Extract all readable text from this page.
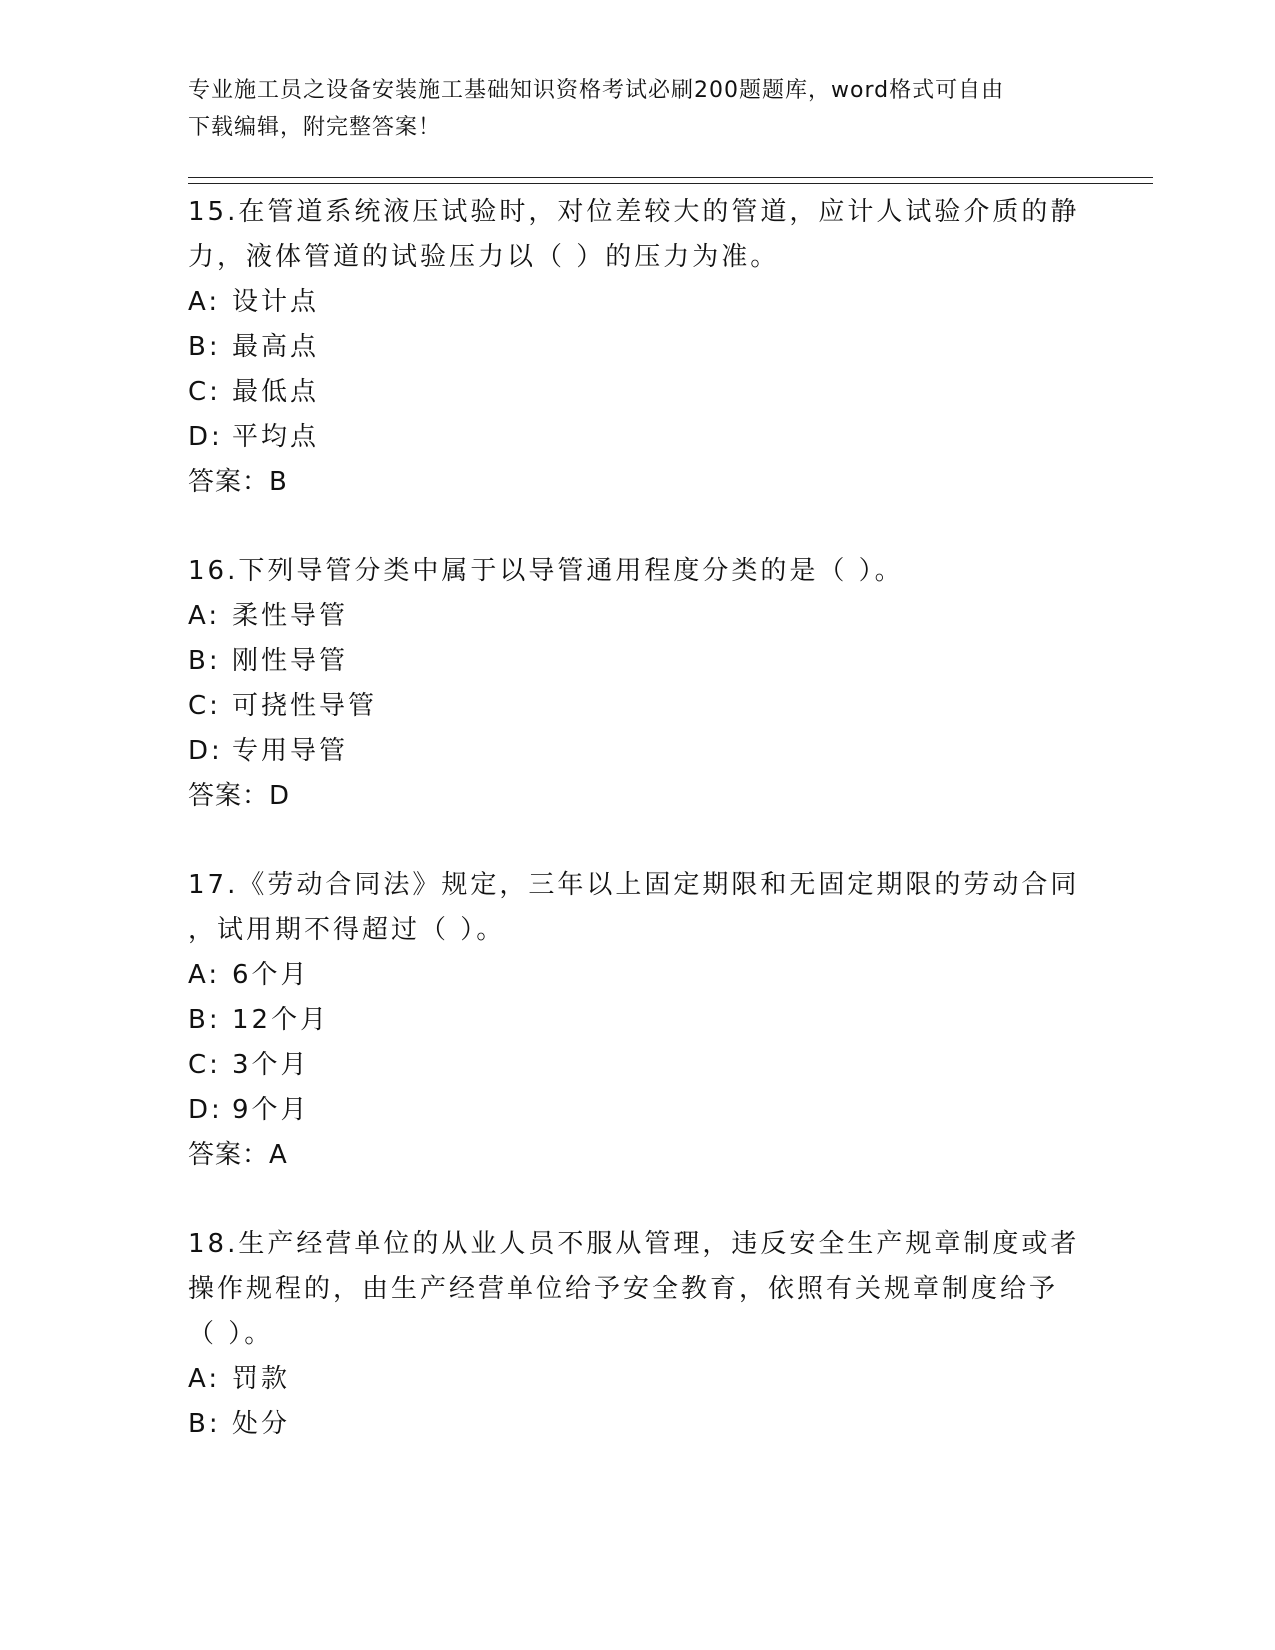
专业施工员之设备安装施工基础知识资格考试必刷200题题库，word格式可自由
下载编辑，附完整答案！

15.在管道系统液压试验时，对位差较大的管道，应计人试验介质的静

力，液体管道的试验压力以（ ）的压力为准。

A: 设计点

B: 最高点

C: 最低点

D: 平均点

答案：B

16.下列导管分类中属于以导管通用程度分类的是（ ）。

A: 柔性导管

B: 刚性导管

C: 可挠性导管

D: 专用导管

答案：D

17.《劳动合同法》规定，三年以上固定期限和无固定期限的劳动合同

，试用期不得超过（ ）。

A: 6个月

B: 12个月

C: 3个月

D: 9个月

答案：A

18.生产经营单位的从业人员不服从管理，违反安全生产规章制度或者

操作规程的，由生产经营单位给予安全教育，依照有关规章制度给予

（ ）。

A: 罚款

B: 处分
